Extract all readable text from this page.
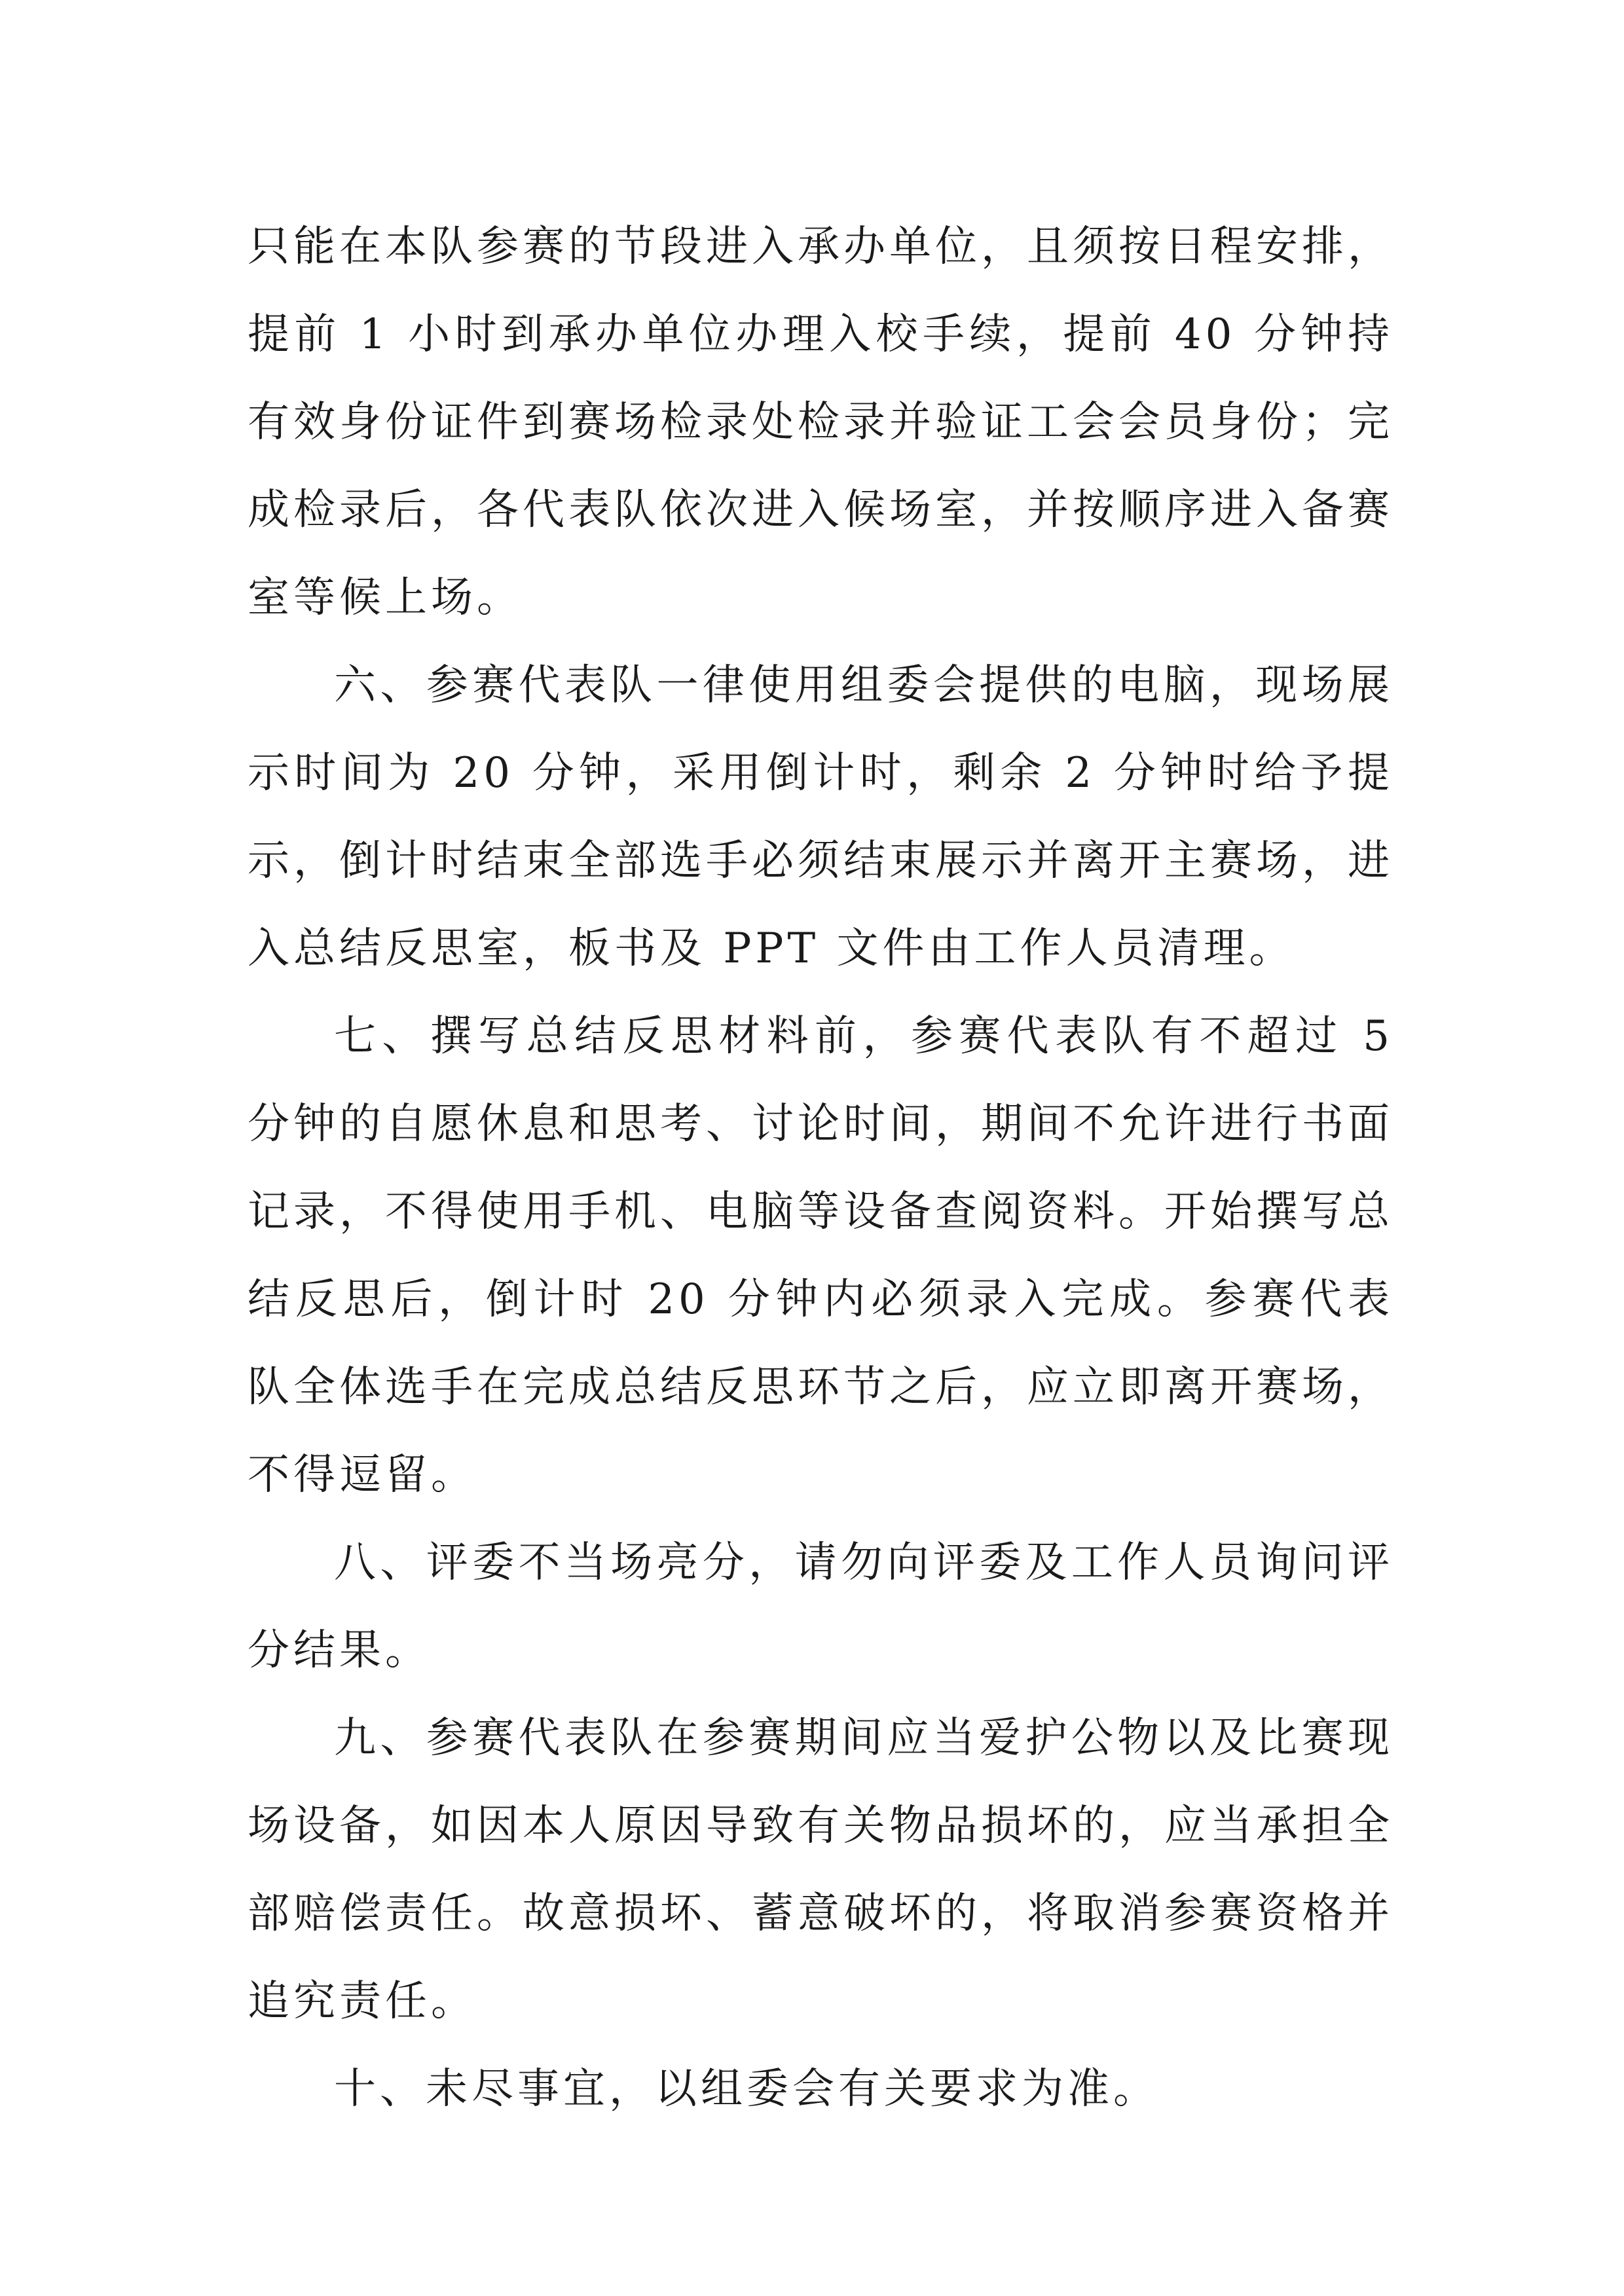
只能在本队参赛的节段进入承办单位，且须按日程安排，提前 1 小时到承办单位办理入校手续，提前 40 分钟持有效身份证件到赛场检录处检录并验证工会会员身份；完成检录后，各代表队依次进入候场室，并按顺序进入备赛室等候上场。

六、参赛代表队一律使用组委会提供的电脑，现场展示时间为 20 分钟，采用倒计时，剩余 2 分钟时给予提示，倒计时结束全部选手必须结束展示并离开主赛场，进入总结反思室，板书及 PPT 文件由工作人员清理。

七、撰写总结反思材料前，参赛代表队有不超过 5 分钟的自愿休息和思考、讨论时间，期间不允许进行书面记录，不得使用手机、电脑等设备查阅资料。开始撰写总结反思后，倒计时 20 分钟内必须录入完成。参赛代表队全体选手在完成总结反思环节之后，应立即离开赛场，不得逗留。

八、评委不当场亮分，请勿向评委及工作人员询问评分结果。

九、参赛代表队在参赛期间应当爱护公物以及比赛现场设备，如因本人原因导致有关物品损坏的，应当承担全部赔偿责任。故意损坏、蓄意破坏的，将取消参赛资格并追究责任。

十、未尽事宜，以组委会有关要求为准。
